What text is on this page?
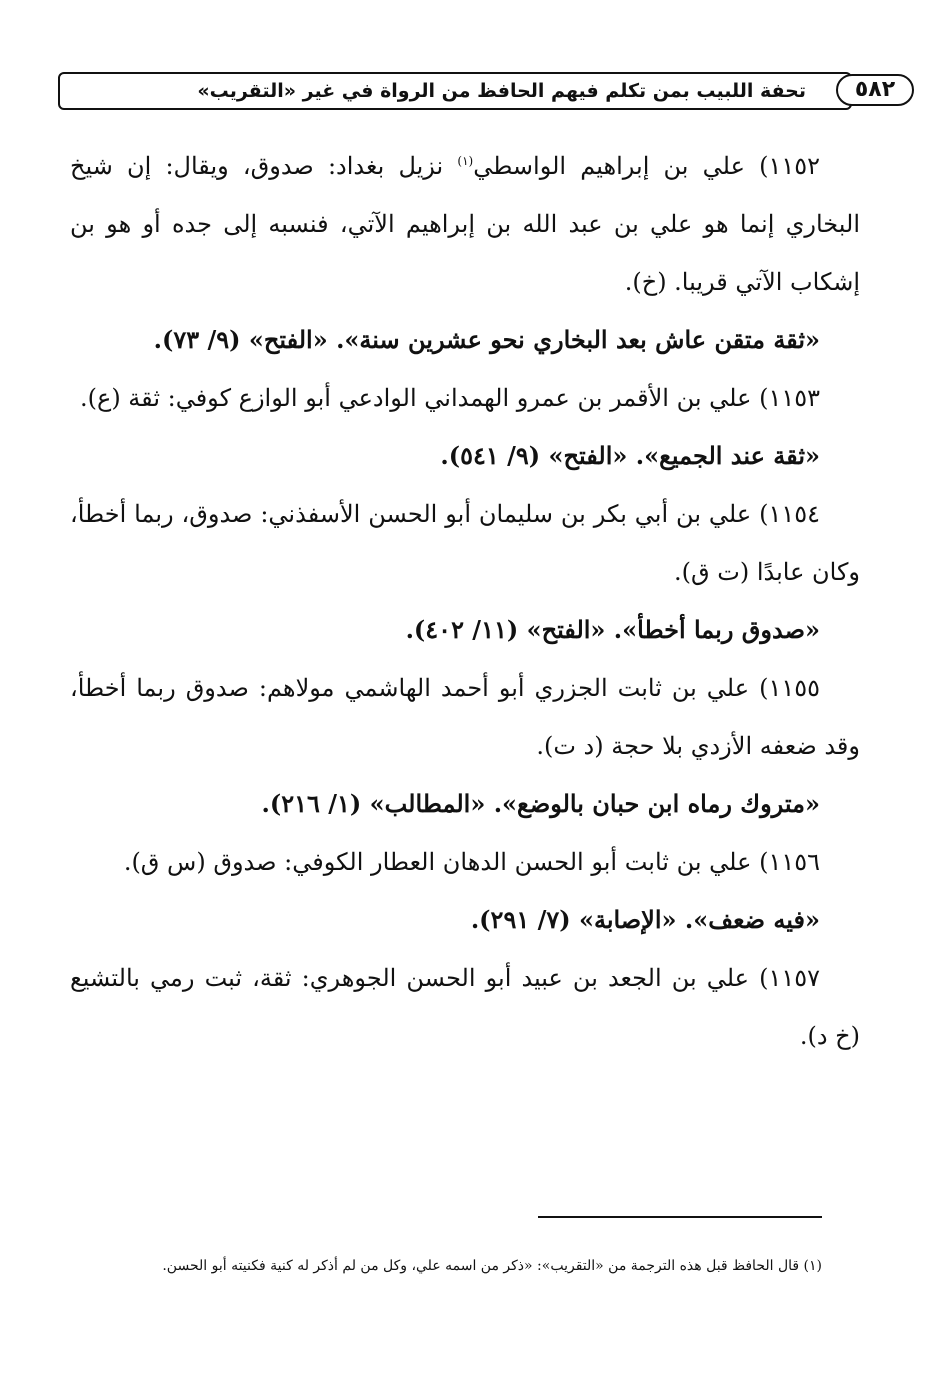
٥٨٢
تحفة اللبيب بمن تكلم فيهم الحافظ من الرواة في غير «التقريب»

١١٥٢) علي بن إبراهيم الواسطي$^{(١)}$ نزيل بغداد: صدوق، ويقال: إن شيخ البخاري إنما هو علي بن عبد الله بن إبراهيم الآتي، فنسبه إلى جده أو هو بن إشكاب الآتي قريبا. (خ).

«ثقة متقن عاش بعد البخاري نحو عشرين سنة». «الفتح» (٩/ ٧٣).

١١٥٣) علي بن الأقمر بن عمرو الهمداني الوادعي أبو الوازع كوفي: ثقة (ع).

«ثقة عند الجميع». «الفتح» (٩/ ٥٤١).

١١٥٤) علي بن أبي بكر بن سليمان أبو الحسن الأسفذني: صدوق، ربما أخطأ، وكان عابدًا (ت ق).

«صدوق ربما أخطأ». «الفتح» (١١/ ٤٠٢).

١١٥٥) علي بن ثابت الجزري أبو أحمد الهاشمي مولاهم: صدوق ربما أخطأ، وقد ضعفه الأزدي بلا حجة (د ت).

«متروك رماه ابن حبان بالوضع». «المطالب» (١/ ٢١٦).

١١٥٦) علي بن ثابت أبو الحسن الدهان العطار الكوفي: صدوق (س ق).

«فيه ضعف». «الإصابة» (٧/ ٢٩١).

١١٥٧) علي بن الجعد بن عبيد أبو الحسن الجوهري: ثقة، ثبت رمي بالتشيع (خ د).

(١) قال الحافظ قبل هذه الترجمة من «التقريب»: «ذكر من اسمه علي، وكل من لم أذكر له كنية فكنيته أبو الحسن.
